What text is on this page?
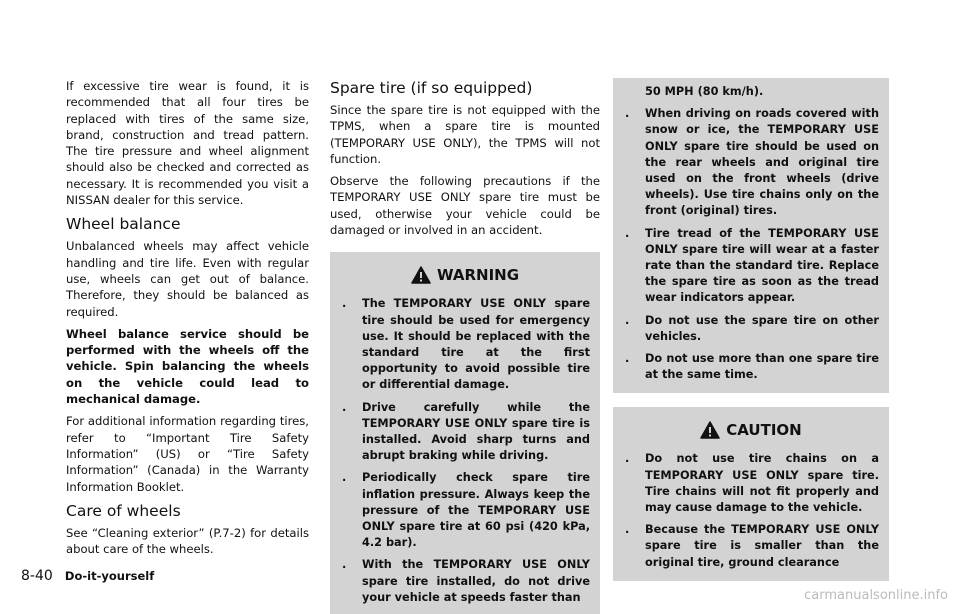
If excessive tire wear is found, it is recommended that all four tires be replaced with tires of the same size, brand, construction and tread pattern. The tire pressure and wheel alignment should also be checked and corrected as necessary. It is recommended you visit a NISSAN dealer for this service.

Wheel balance

Unbalanced wheels may affect vehicle handling and tire life. Even with regular use, wheels can get out of balance. Therefore, they should be balanced as required.

Wheel balance service should be performed with the wheels off the vehicle. Spin balancing the wheels on the vehicle could lead to mechanical damage.

For additional information regarding tires, refer to “Important Tire Safety Information” (US) or “Tire Safety Information” (Canada) in the Warranty Information Booklet.

Care of wheels

See “Cleaning exterior” (P.7-2) for details about care of the wheels.

Spare tire (if so equipped)

Since the spare tire is not equipped with the TPMS, when a spare tire is mounted (TEMPORARY USE ONLY), the TPMS will not function.

Observe the following precautions if the TEMPORARY USE ONLY spare tire must be used, otherwise your vehicle could be damaged or involved in an accident.

WARNING
. The TEMPORARY USE ONLY spare tire should be used for emergency use. It should be replaced with the standard tire at the first opportunity to avoid possible tire or differential damage.
. Drive carefully while the TEMPORARY USE ONLY spare tire is installed. Avoid sharp turns and abrupt braking while driving.
. Periodically check spare tire inflation pressure. Always keep the pressure of the TEMPORARY USE ONLY spare tire at 60 psi (420 kPa, 4.2 bar).
. With the TEMPORARY USE ONLY spare tire installed, do not drive your vehicle at speeds faster than
50 MPH (80 km/h).
. When driving on roads covered with snow or ice, the TEMPORARY USE ONLY spare tire should be used on the rear wheels and original tire used on the front wheels (drive wheels). Use tire chains only on the front (original) tires.
. Tire tread of the TEMPORARY USE ONLY spare tire will wear at a faster rate than the standard tire. Replace the spare tire as soon as the tread wear indicators appear.
. Do not use the spare tire on other vehicles.
. Do not use more than one spare tire at the same time.
CAUTION
. Do not use tire chains on a TEMPORARY USE ONLY spare tire. Tire chains will not fit properly and may cause damage to the vehicle.
. Because the TEMPORARY USE ONLY spare tire is smaller than the original tire, ground clearance
8-40 Do-it-yourself
carmanualsonline.info
